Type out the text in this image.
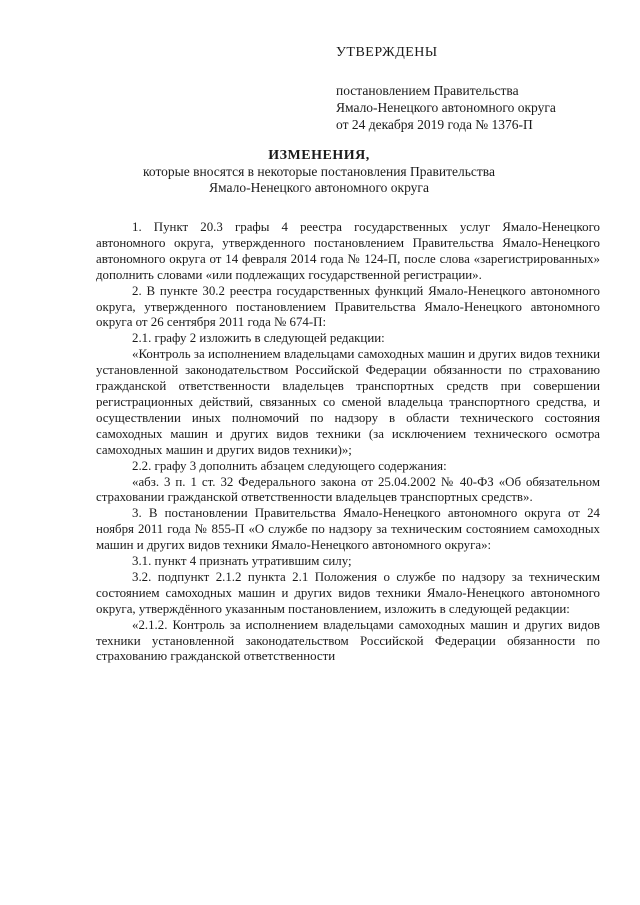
УТВЕРЖДЕНЫ
постановлением Правительства
Ямало-Ненецкого автономного округа
от 24 декабря 2019 года № 1376-П
ИЗМЕНЕНИЯ,
которые вносятся в некоторые постановления Правительства
Ямало-Ненецкого автономного округа

1. Пункт 20.3 графы 4 реестра государственных услуг Ямало-Ненецкого автономного округа, утвержденного постановлением Правительства Ямало-Ненецкого автономного округа от 14 февраля 2014 года № 124-П, после слова «зарегистрированных» дополнить словами «или подлежащих государственной регистрации».

2. В пункте 30.2 реестра государственных функций Ямало-Ненецкого автономного округа, утвержденного постановлением Правительства Ямало-Ненецкого автономного округа от 26 сентября 2011 года № 674-П:

2.1. графу 2 изложить в следующей редакции:

«Контроль за исполнением владельцами самоходных машин и других видов техники установленной законодательством Российской Федерации обязанности по страхованию гражданской ответственности владельцев транспортных средств при совершении регистрационных действий, связанных со сменой владельца транспортного средства, и осуществлении иных полномочий по надзору в области технического состояния самоходных машин и других видов техники (за исключением технического осмотра самоходных машин и других видов техники)»;

2.2. графу 3 дополнить абзацем следующего содержания:

«абз. 3 п. 1 ст. 32 Федерального закона от 25.04.2002 № 40-ФЗ «Об обязательном страховании гражданской ответственности владельцев транспортных средств».

3. В постановлении Правительства Ямало-Ненецкого автономного округа от 24 ноября 2011 года № 855-П «О службе по надзору за техническим состоянием самоходных машин и других видов техники Ямало-Ненецкого автономного округа»:

3.1. пункт 4 признать утратившим силу;

3.2. подпункт 2.1.2 пункта 2.1 Положения о службе по надзору за техническим состоянием самоходных машин и других видов техники Ямало-Ненецкого автономного округа, утверждённого указанным постановлением, изложить в следующей редакции:

«2.1.2. Контроль за исполнением владельцами самоходных машин и других видов техники установленной законодательством Российской Федерации обязанности по страхованию гражданской ответственности
